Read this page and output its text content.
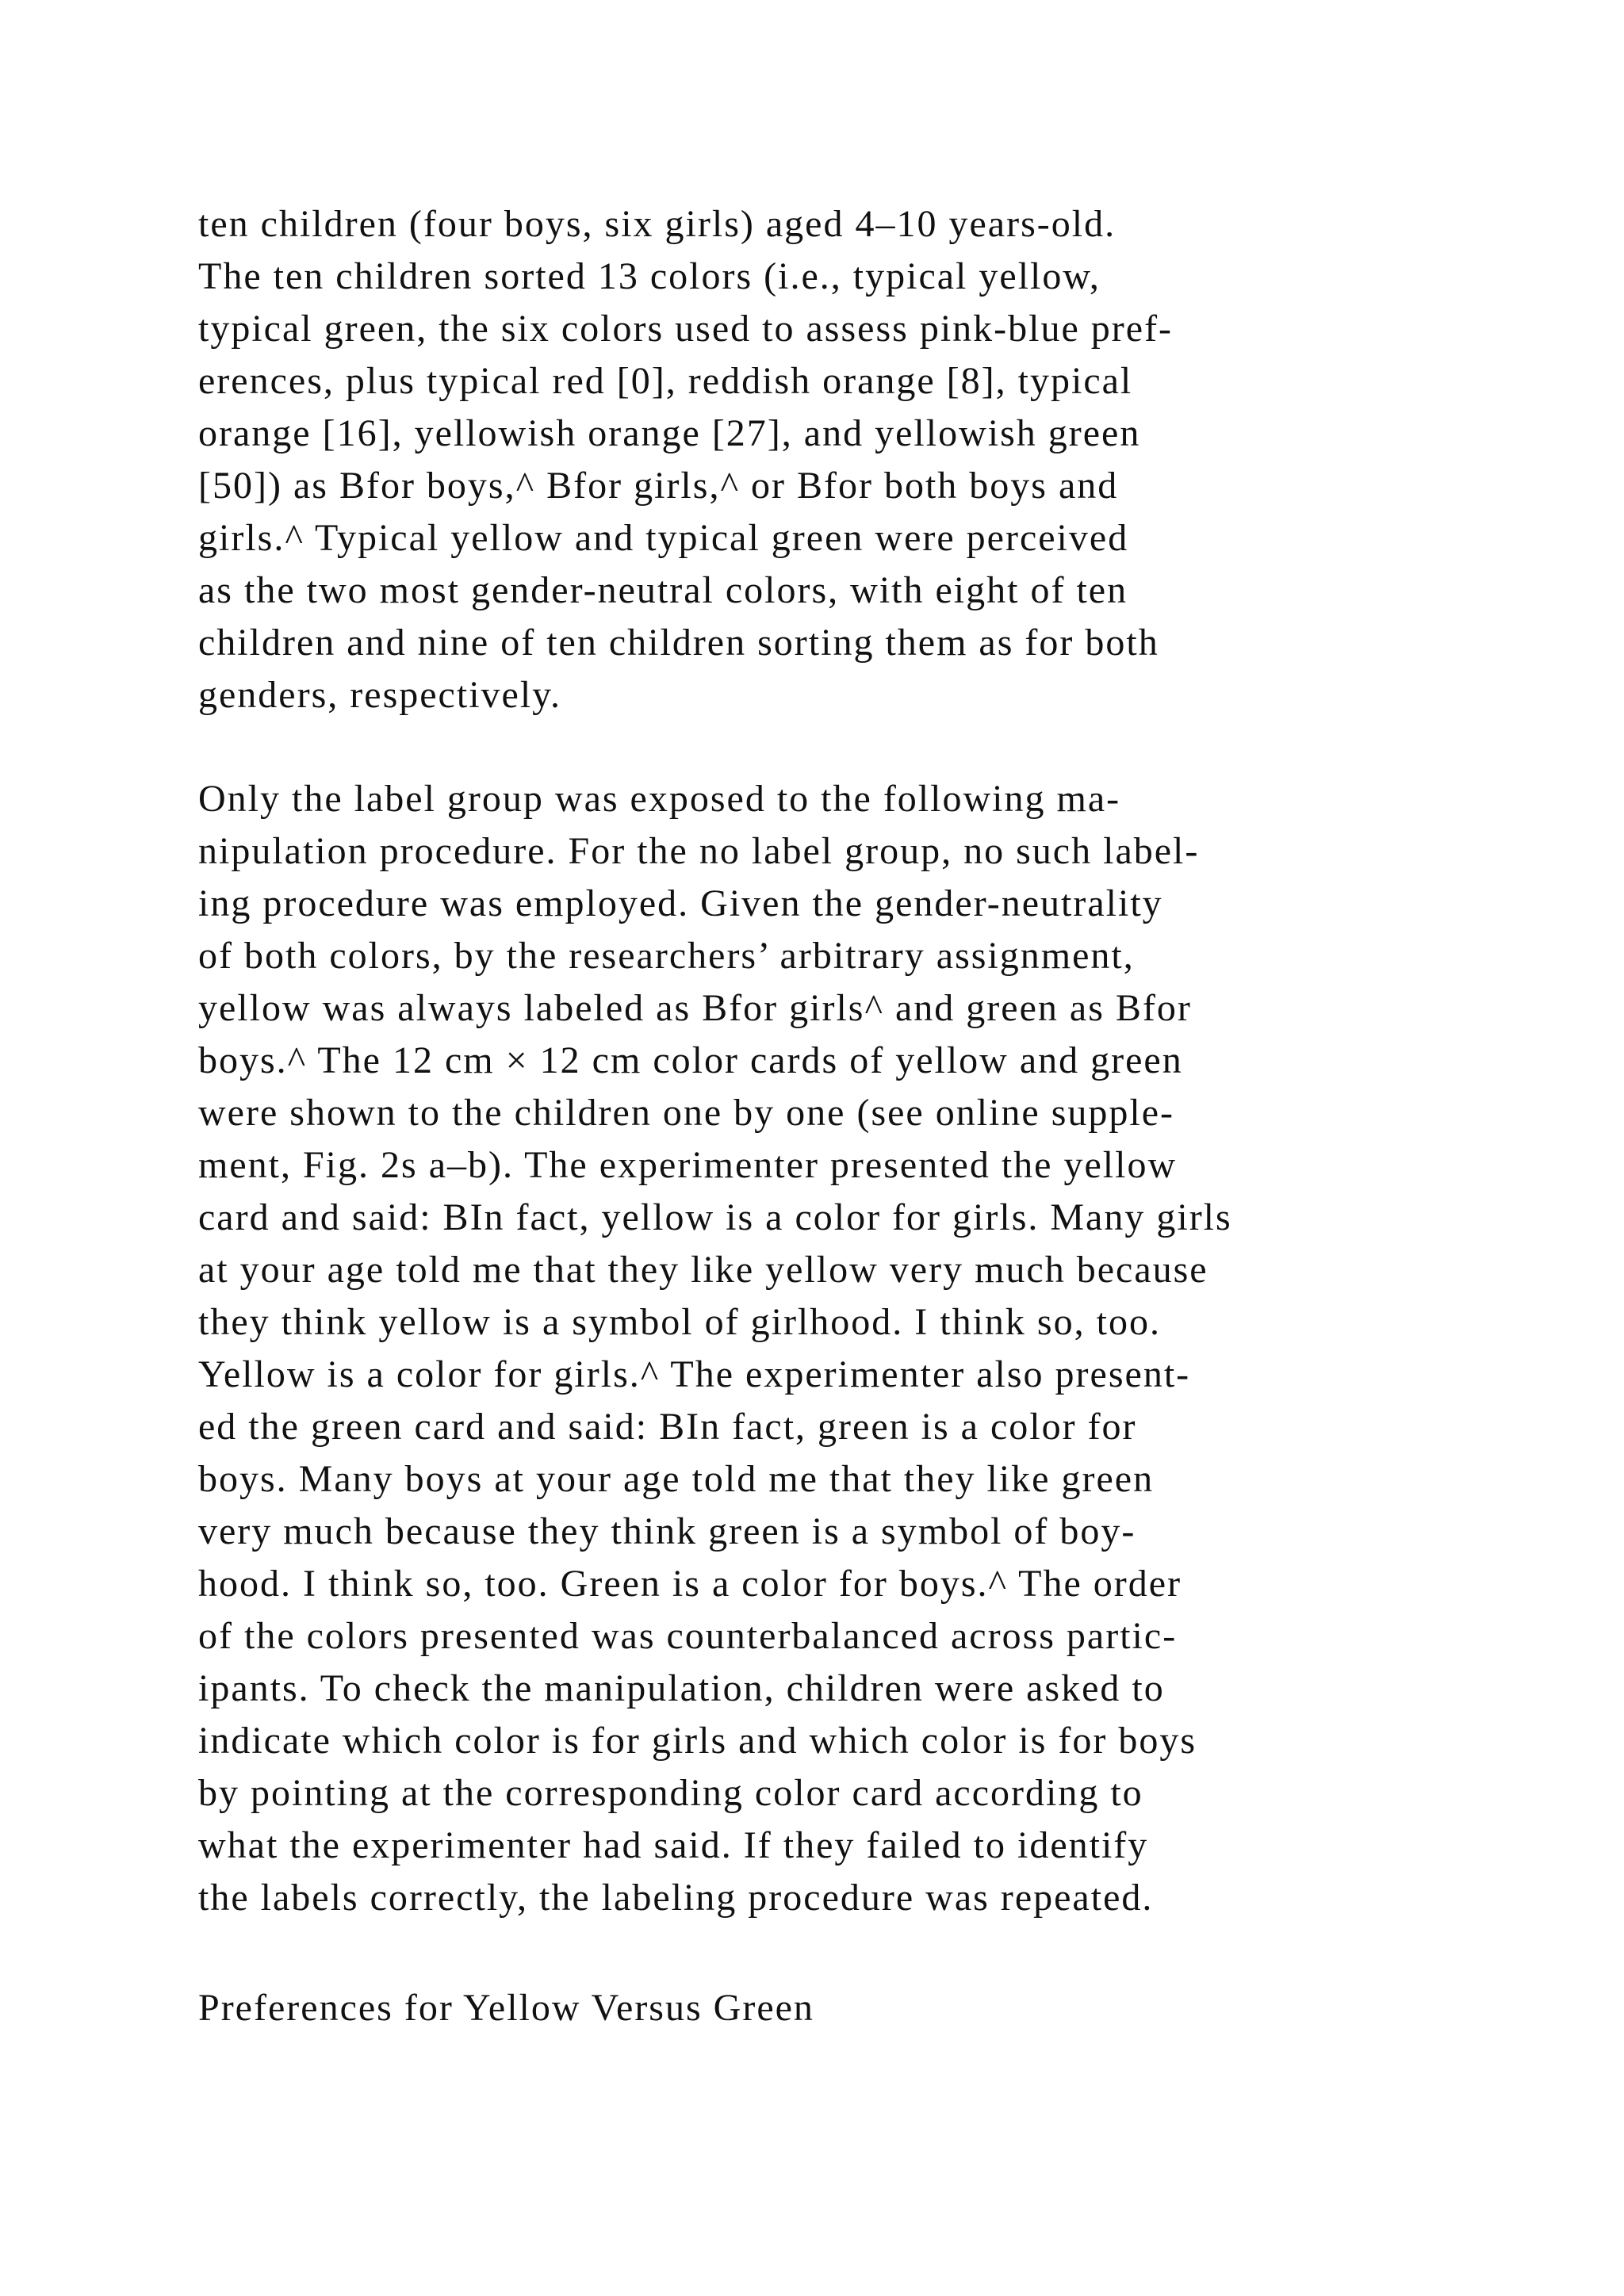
ten children (four boys, six girls) aged 4–10 years-old.
The ten children sorted 13 colors (i.e., typical yellow,
typical green, the six colors used to assess pink-blue pref-
erences, plus typical red [0], reddish orange [8], typical
orange [16], yellowish orange [27], and yellowish green
[50]) as Bfor boys,^ Bfor girls,^ or Bfor both boys and
girls.^ Typical yellow and typical green were perceived
as the two most gender-neutral colors, with eight of ten
children and nine of ten children sorting them as for both
genders, respectively.
Only the label group was exposed to the following ma-
nipulation procedure. For the no label group, no such label-
ing procedure was employed. Given the gender-neutrality
of both colors, by the researchers’ arbitrary assignment,
yellow was always labeled as Bfor girls^ and green as Bfor
boys.^ The 12 cm × 12 cm color cards of yellow and green
were shown to the children one by one (see online supple-
ment, Fig. 2s a–b). The experimenter presented the yellow
card and said: BIn fact, yellow is a color for girls. Many girls
at your age told me that they like yellow very much because
they think yellow is a symbol of girlhood. I think so, too.
Yellow is a color for girls.^ The experimenter also present-
ed the green card and said: BIn fact, green is a color for
boys. Many boys at your age told me that they like green
very much because they think green is a symbol of boy-
hood. I think so, too. Green is a color for boys.^ The order
of the colors presented was counterbalanced across partic-
ipants. To check the manipulation, children were asked to
indicate which color is for girls and which color is for boys
by pointing at the corresponding color card according to
what the experimenter had said. If they failed to identify
the labels correctly, the labeling procedure was repeated.
Preferences for Yellow Versus Green
